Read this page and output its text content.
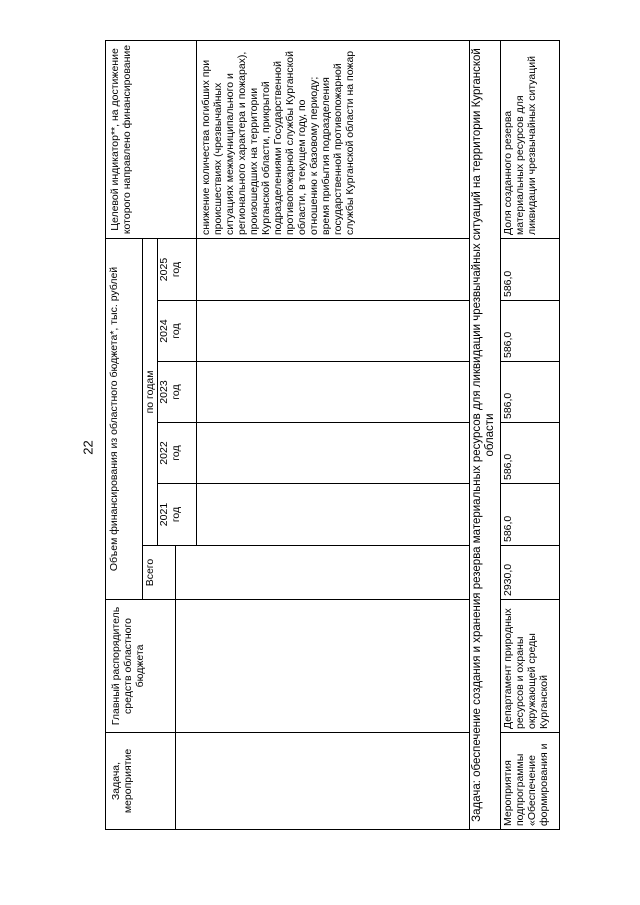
22
Задача, мероприятие
Главный распорядитель средств областного бюджета
Объем финансирования из областного бюджета*, тыс. рублей
Всего
по годам
2021 год
2022 год
2023 год
2024 год
2025 год
Целевой индикатор**, на достижение которого направлено финансирование	снижение количества погибших при происшествиях (чрезвычайных ситуациях межмуниципального и регионального характера и пожарах), произошедших на территории Курганской области, прикрытой подразделениями Государственной противопожарной службы Курганской области, в текущем году, по отношению к базовому периоду; время прибытия подразделения государственной противопожарной службы Курганской области на пожар	Задача: обеспечение создания и хранения резерва материальных ресурсов для ликвидации чрезвычайных ситуаций на территории Курганской области
Мероприятия подпрограммы «Обеспечение формирования и
Департамент природных ресурсов и охраны окружающей среды Курганской
2930,0
586,0
586,0
586,0
586,0
586,0
Доля созданного резерва материальных ресурсов для ликвидации чрезвычайных ситуаций
